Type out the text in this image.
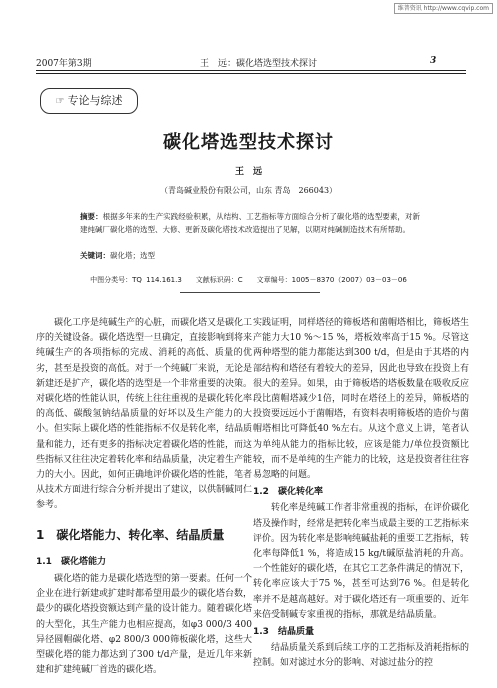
维普资讯 http://www.cqvip.com
2007年第3期	王　远：碳化塔选型技术探讨	3
☞ 专论与综述
碳化塔选型技术探讨
王　远
（青岛碱业股份有限公司，山东 青岛　266043）
摘要：根据多年来的生产实践经验积累，从结构、工艺指标等方面综合分析了碳化塔的选型要素，对新建纯碱厂碳化塔的选型、大修、更新及碳化塔技术改造提出了见解，以期对纯碱制造技术有所帮助。
关键词：碳化塔；选型
中图分类号：TQ 114.161.3　　文献标识码：C　　文章编号：1005－8370（2007）03－03－06

碳化工序是纯碱生产的心脏，而碳化塔又是碳化工序的关键设备。碳化塔选型一旦确定，直接影响到将来纯碱生产的各项指标的完成、消耗的高低、质量的优劣，甚至是投资的高低。对于一个纯碱厂来说，无论是新建还是扩产，碳化塔的选型是一个非常重要的决策。对碳化塔的性能认识，传统上往往重视的是碳化转化率的高低、碳酸氢钠结晶质量的好坏以及生产能力的大小。但实际上碳化塔的性能指标不仅是转化率，结晶质量和能力，还有更多的指标决定着碳化塔的性能，而这些指标又往往决定着转化率和结晶质量，决定着生产能力的大小。因此，如何正确地评价碳化塔的性能，笔者从技术方面进行综合分析并提出了建议，以供制碱同仁参考。

1　碳化塔能力、转化率、结晶质量

1.1　碳化塔能力

碳化塔的能力是碳化塔选型的第一要素。任何一个企业在进行新建或扩建时都希望用最少的碳化塔台数，最少的碳化塔投资额达到产量的设计能力。随着碳化塔的大型化，其生产能力也相应提高，如φ3 000/3 400异径圆帽碳化塔、φ2 800/3 000筛板碳化塔，这些大型碳化塔的能力都达到了300 t/d产量，是近几年来新建和扩建纯碱厂首选的碳化塔。

实践证明，同样塔径的筛板塔和菌帽塔相比，筛板塔生产能力大10 %～15 %，塔板效率高于15 %。尽管这两种塔型的能力都能达到300 t/d，但是由于其塔的内部结构和塔径有着较大的差异，因此也导致在投资上有很大的差异。如果，由于筛板塔的塔板数量在吸收反应段比菌帽塔减少1倍，同时在塔径上的差异，筛板塔的投资要远远小于菌帽塔，有资料表明筛板塔的造价与菌帽塔相比可降低40 %左右。从这个意义上讲，笔者认为单纯从能力的指标比较，应该是能力/单位投资额比较，而不是单纯的生产能力的比较，这是投资者往往容易忽略的问题。

1.2　碳化转化率

转化率是纯碱工作者非常重视的指标，在评价碳化塔及操作时，经常是把转化率当成最主要的工艺指标来评价。因为转化率是影响纯碱盐耗的重要工艺指标，转化率每降低1 %，将造成15 kg/t碱原盐消耗的升高。一个性能好的碳化塔，在其它工艺条件满足的情况下，转化率应该大于75 %，甚至可达到76 %。但是转化率并不是越高越好。对于碳化塔还有一项重要的、近年来倍受制碱专家重视的指标，那就是结晶质量。

1.3　结晶质量

结晶质量关系到后续工序的工艺指标及消耗指标的控制。如对滤过水分的影响、对滤过盐分的控
